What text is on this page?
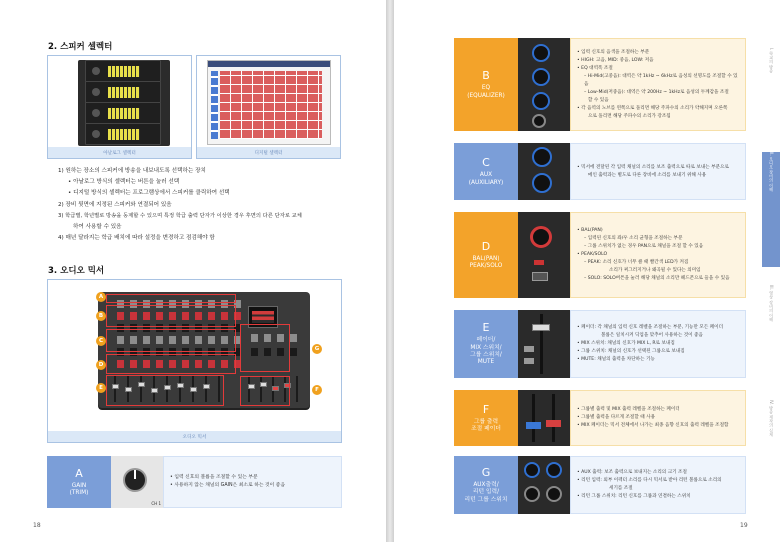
2. 스피커 셀렉터
아날로그 셀렉터	디지털 셀렉터
1) 원하는 장소의 스피커에 방송을 내보내도록 선택하는 장치
• 아날로그 방식의 셀렉터는 버튼을 눌러 선택
• 디지털 방식의 셀렉터는 프로그램상에서 스피커를 클릭하여 선택
2) 장비 뒷면에 지정된 스피커와 연결되어 있음
3) 학급별, 학년별로 방송을 동제할 수 있으며 특정 학급 출력 단자가 이상한 경우 후면의 다른 단자로 교체
하여 사용할 수 있음
4) 매년 달라지는 학급 배치에 따라 설정을 변경하고 점검해야 함
3. 오디오 믹서
A
B
C
D
E	F
G
오디오 믹서
A
GAIN
(TRIM)
CH 1
• 입력 신호의 볼륨을 조절할 수 있는 부분
• 사용하지 않는 채널의 GAIN은 최소로 하는 것이 좋음
18
B
EQ
(EQUALIZER)
• 입력 신호의 음색을 조절하는 부분
• HIGH: 고음, MID: 중음, LOW: 저음
• EQ 대역폭 조절
– Hi-Mid(고중음): 대역은 약 1kHz ~ 6kHz로 음성의 선명도를 조절할 수 있음
– Low-Mid(저중음): 대역은 약 200Hz ~ 1kHz로 음성의 두께감을 조절
할 수 있음
• 각 음역의 노브를 왼쪽으로 돌리면 해당 주파수의 소리가 약해지며 오른쪽
으로 돌리면 해당 주파수의 소리가 강조됨
C
AUX
(AUXILIARY)
• 믹서에 전달된 각 입력 채널의 소리를 보조 출력으로 따로 보내는 부분으로
메인 출력과는 별도로 다른 장비에 소리를 보내기 위해 사용
D
BAL(PAN)
PEAK/SOLO
• BAL(PAN)
– 입력된 신호의 좌/우 소리 균형을 조절하는 부분
– 그룹 스위치가 없는 경우 PAN으로 채널을 조절 할 수 있음
• PEAK/SOLO
– PEAK: 소리 신호가 너무 클 때 빨간색 LED가 켜짐
소리가 찌그러지거나 왜곡될 수 있다는 의미임
– SOLO: SOLO버튼을 눌러 해당 채널의 소리만 헤드폰으로 들을 수 있음
E
페이더/
MIX 스위치/
그룹 스위치/
MUTE
• 페이더: 각 채널의 입력 신호 레벨을 조절하는 부분, 기능만 모든 페이더
볼륨은 일치시켜 딕업을 맞추어 사용하는 것이 좋음
• MIX 스위치: 채널의 신호가 MIX L, R로 보내짐
• 그룹 스위치: 채널의 신호가 선택된 그룹으로 보내짐
• MUTE: 채널의 출력을 차단하는 기능
F
그룹 출력
조절 페이더
• 그룹별 출력 및 MIX 출력 레벨을 조절하는 페이더
• 그룹별 출력을 다르게 조절할 때 사용
• MIX 페이더는 믹서 전체에서 나가는 최종 음향 신호의 출력 레벨을 조절함
G
AUX출력/
리턴 입력/
리턴 그룹 스위치
• AUX 출력: 보조 출력으로 보내지는 소리의 크기 조절
• 리턴 입력: 외부 이펙터 소리를 다시 믹서로 받아 리턴 볼륨으로 소리의
세기를 조절
• 리턴 그룹 스위치: 리턴 신호를 그룹과 연결하는 스위치
19
I. 학교의 방송
II. 오디오 장비의 이해
III. 영상 장비의 이해
IV. 방송 제작의 실제
